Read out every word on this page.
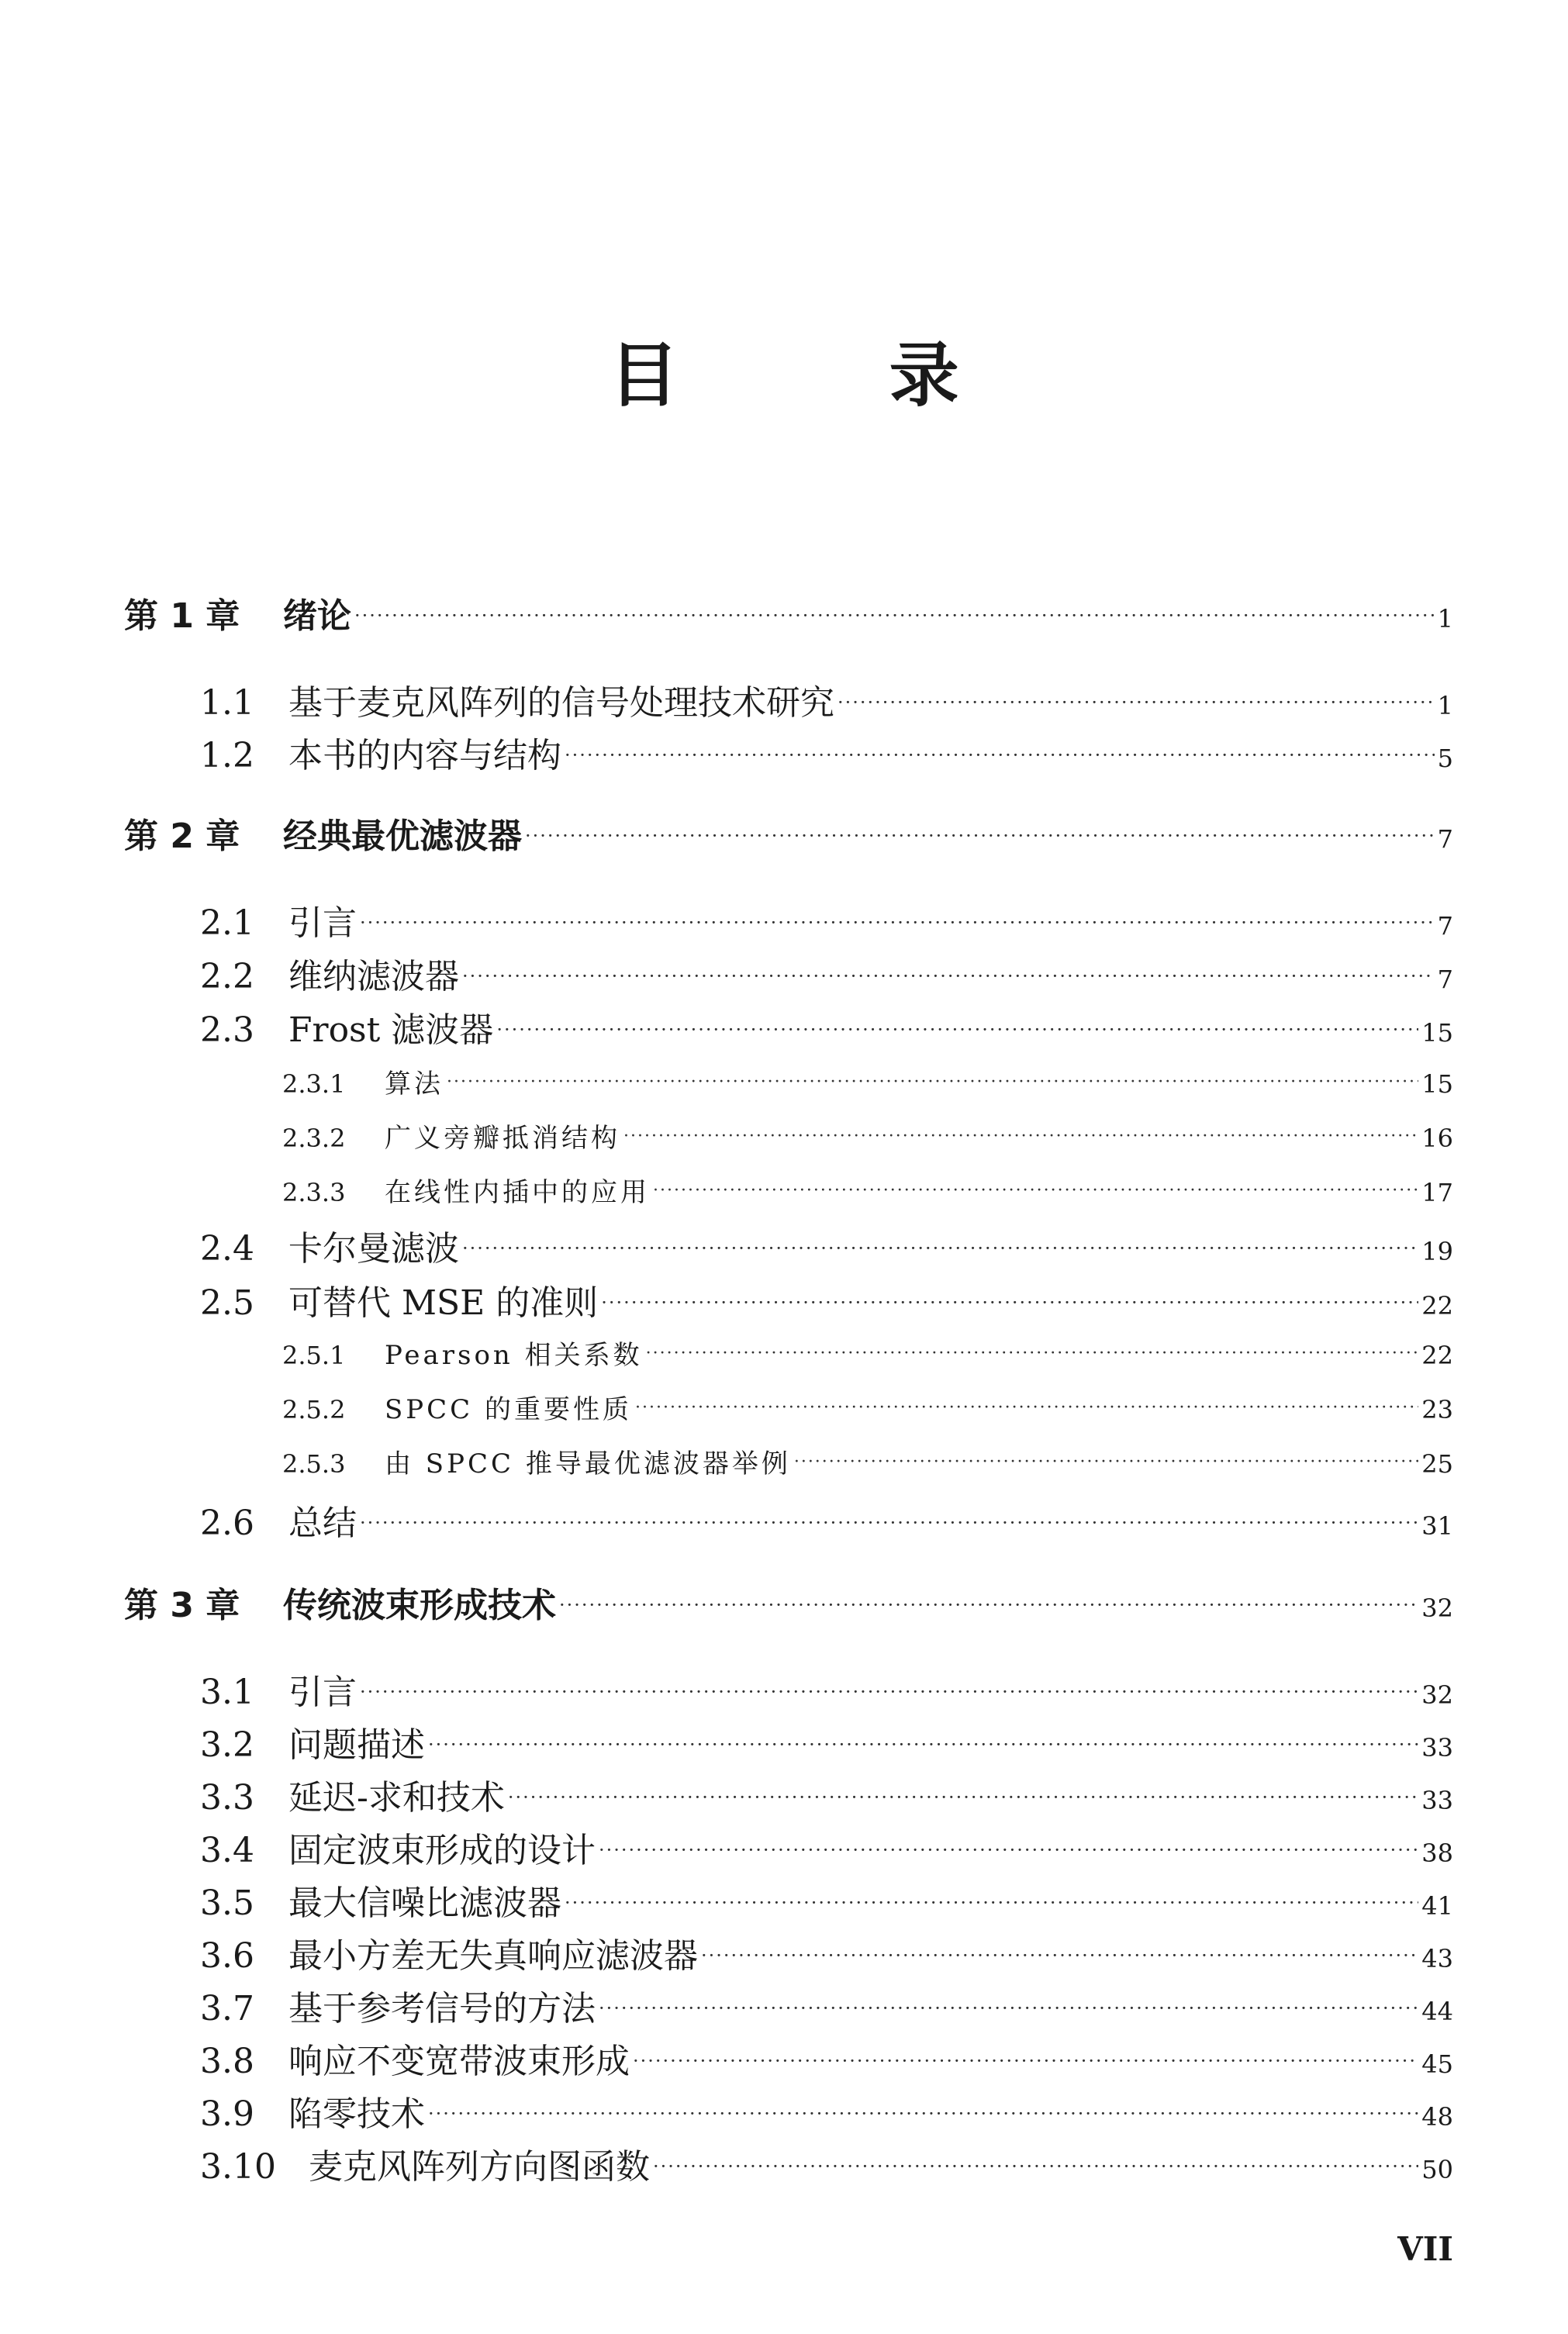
目 录
第 1 章	绪论 ·····	1
1.1	基于麦克风阵列的信号处理技术研究 ·····	1
1.2	本书的内容与结构 ·····	5
第 2 章	经典最优滤波器 ·····	7
2.1	引言 ·····	7
2.2	维纳滤波器 ·····	7
2.3	Frost 滤波器 ·····	15
2.3.1	算法 ·····	15
2.3.2	广义旁瓣抵消结构 ·····	16
2.3.3	在线性内插中的应用 ·····	17
2.4	卡尔曼滤波 ·····	19
2.5	可替代 MSE 的准则 ·····	22
2.5.1	Pearson 相关系数 ·····	22
2.5.2	SPCC 的重要性质 ·····	23
2.5.3	由 SPCC 推导最优滤波器举例 ·····	25
2.6	总结 ·····	31
第 3 章	传统波束形成技术 ·····	32
3.1	引言 ·····	32
3.2	问题描述 ·····	33
3.3	延迟-求和技术 ·····	33
3.4	固定波束形成的设计 ·····	38
3.5	最大信噪比滤波器 ·····	41
3.6	最小方差无失真响应滤波器 ·····	43
3.7	基于参考信号的方法 ·····	44
3.8	响应不变宽带波束形成 ·····	45
3.9	陷零技术 ·····	48
3.10 麦克风阵列方向图函数 ·····	50
VII
